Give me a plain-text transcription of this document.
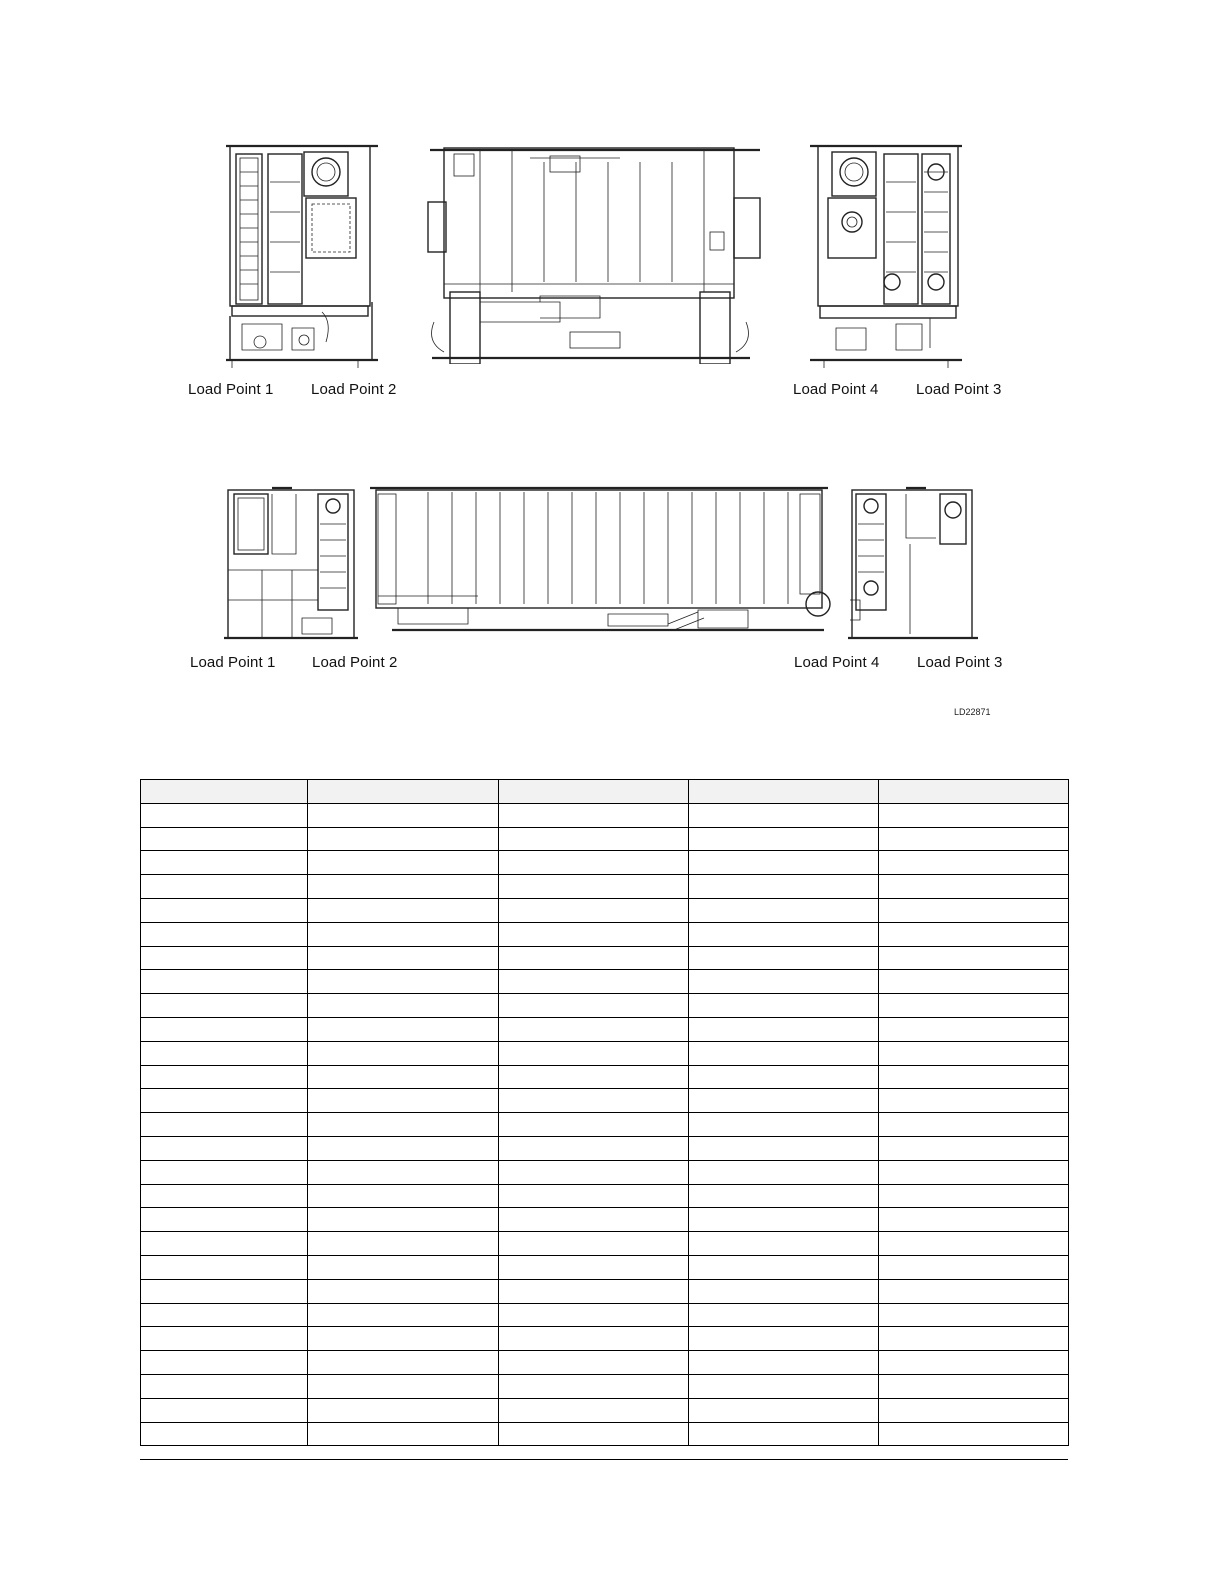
Load Point 1	Load Point 2	Load Point 4	Load Point 3
Load Point 1 Load Point 2	Load Point 4	Load Point 3
LD22871
